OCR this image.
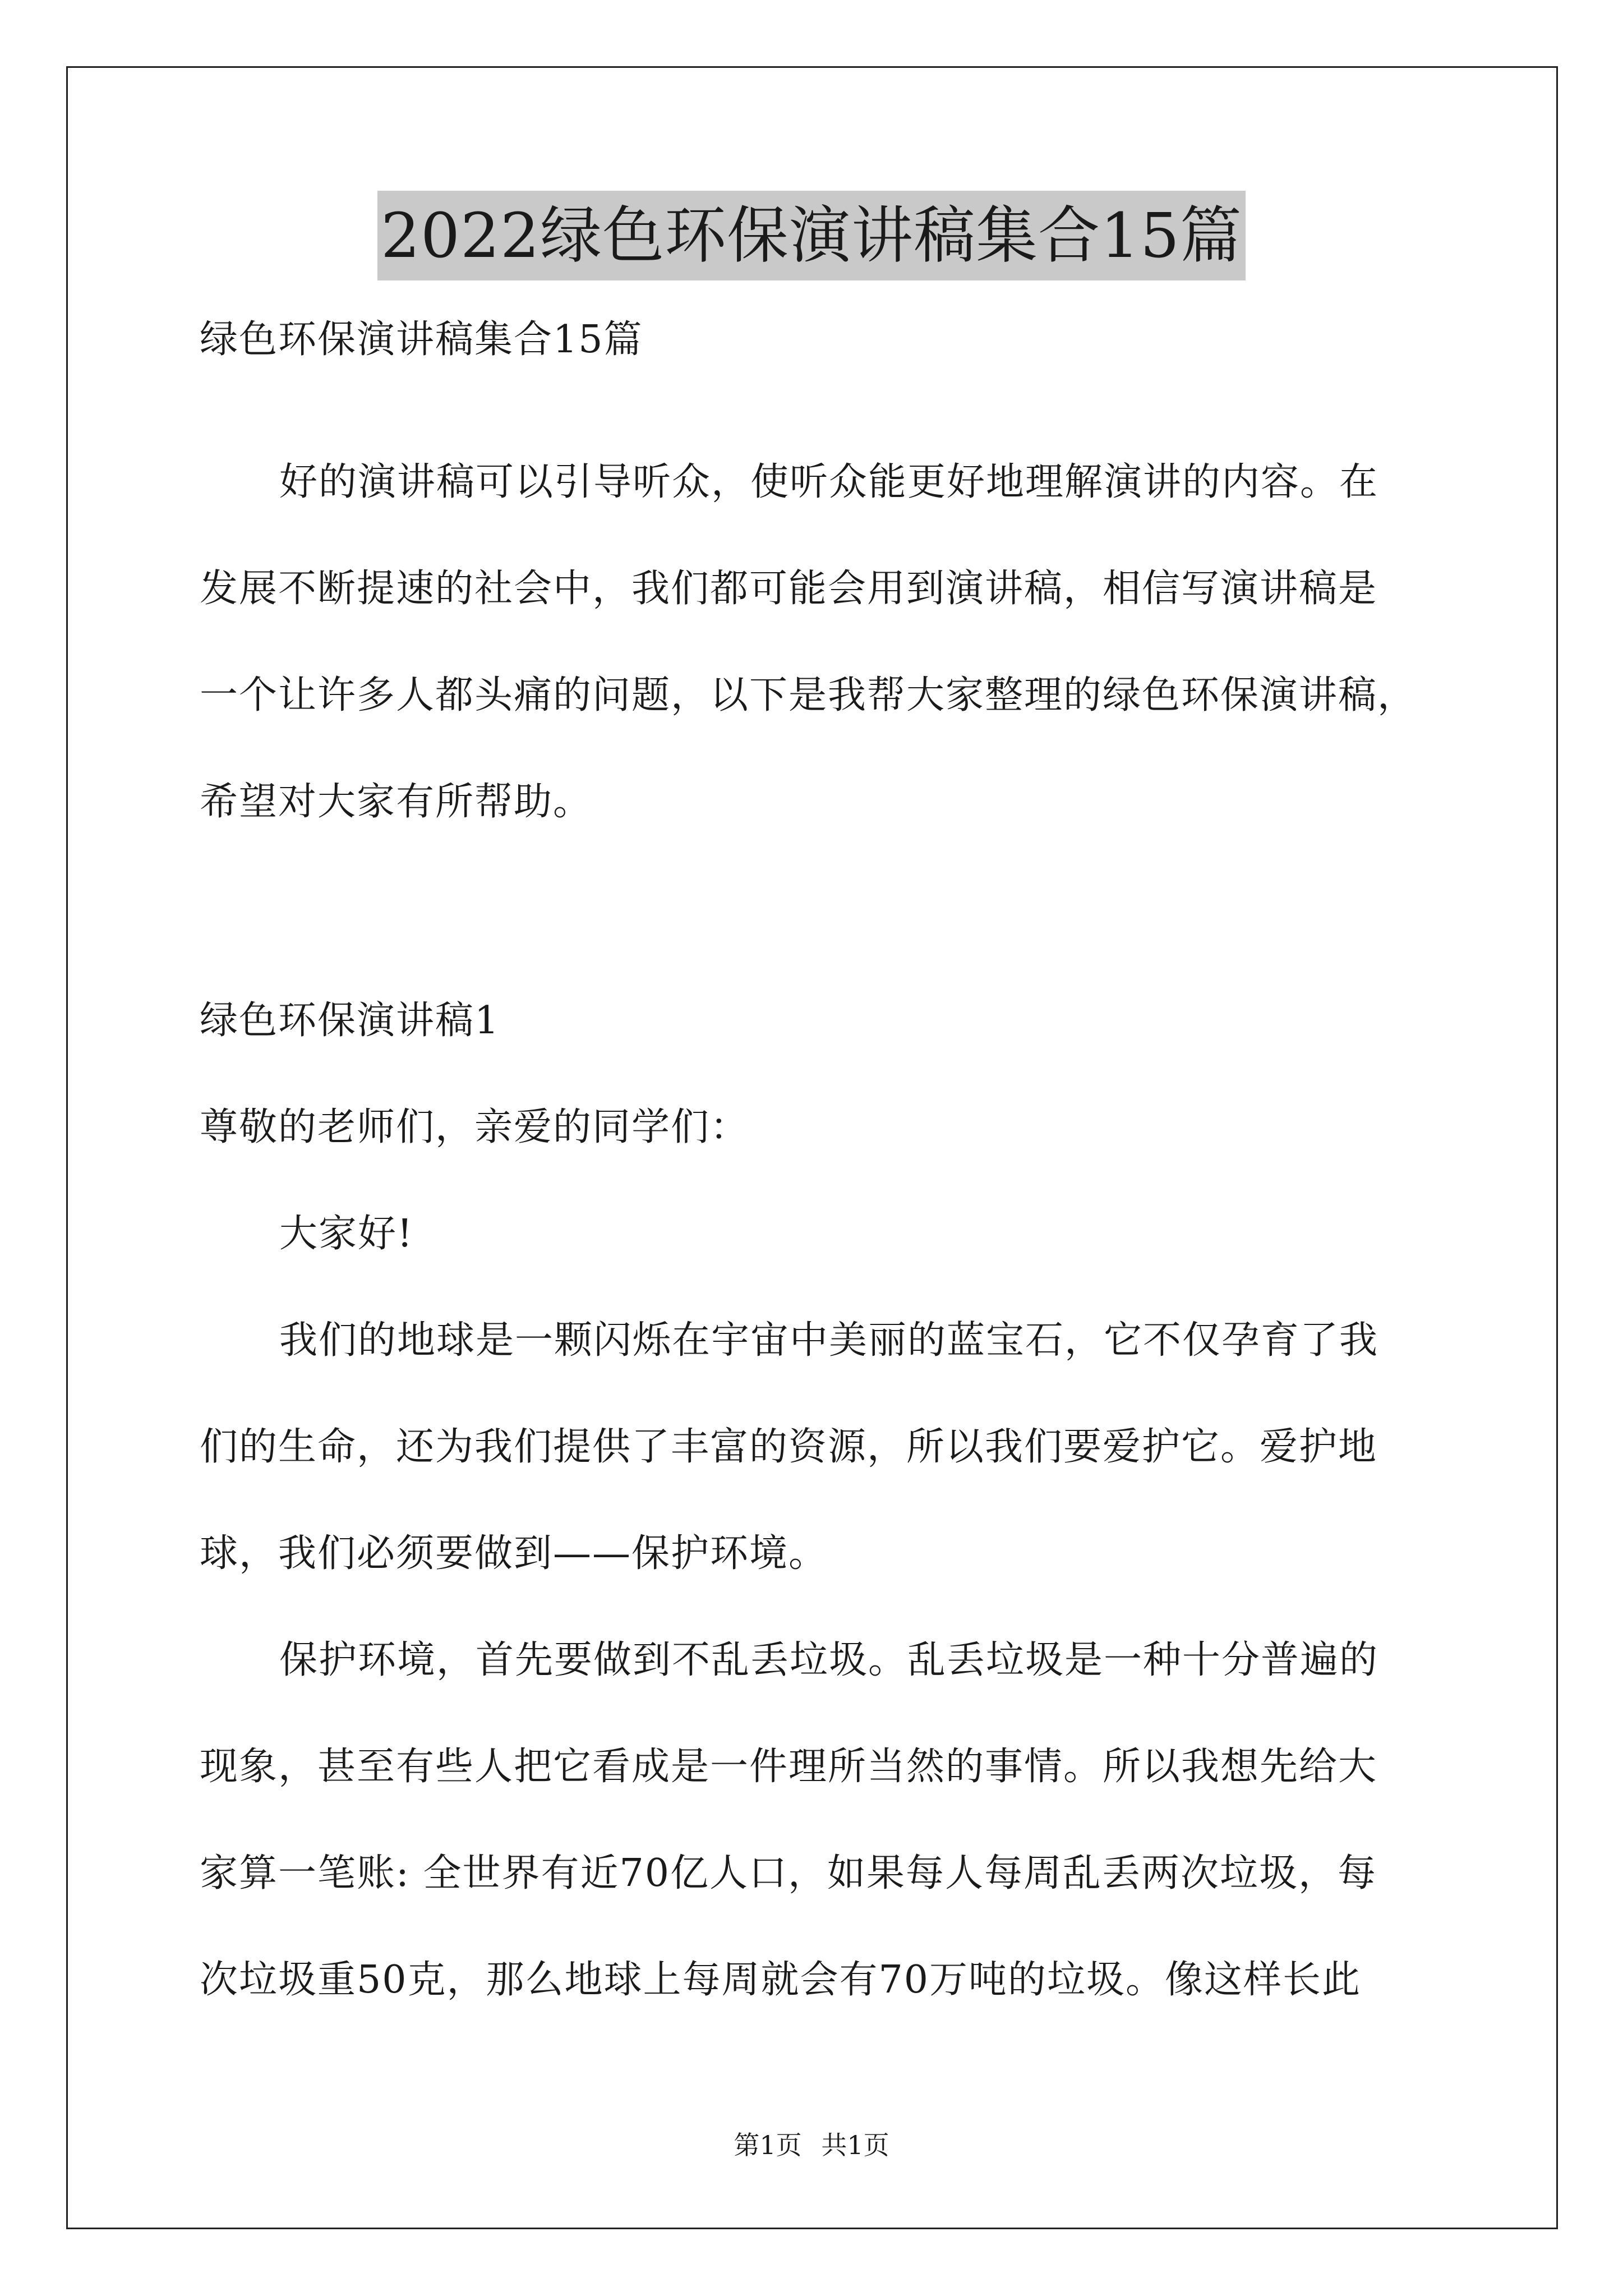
2022绿色环保演讲稿集合15篇
绿色环保演讲稿集合15篇
好的演讲稿可以引导听众，使听众能更好地理解演讲的内容。在
发展不断提速的社会中，我们都可能会用到演讲稿，相信写演讲稿是
一个让许多人都头痛的问题，以下是我帮大家整理的绿色环保演讲稿，
希望对大家有所帮助。
绿色环保演讲稿1
尊敬的老师们，亲爱的同学们：
大家好!
我们的地球是一颗闪烁在宇宙中美丽的蓝宝石，它不仅孕育了我
们的生命，还为我们提供了丰富的资源，所以我们要爱护它。爱护地
球，我们必须要做到——保护环境。
保护环境，首先要做到不乱丢垃圾。乱丢垃圾是一种十分普遍的
现象，甚至有些人把它看成是一件理所当然的事情。所以我想先给大
家算一笔账: 全世界有近70亿人口，如果每人每周乱丢两次垃圾，每
次垃圾重50克，那么地球上每周就会有70万吨的垃圾。像这样长此
第1页 共1页
